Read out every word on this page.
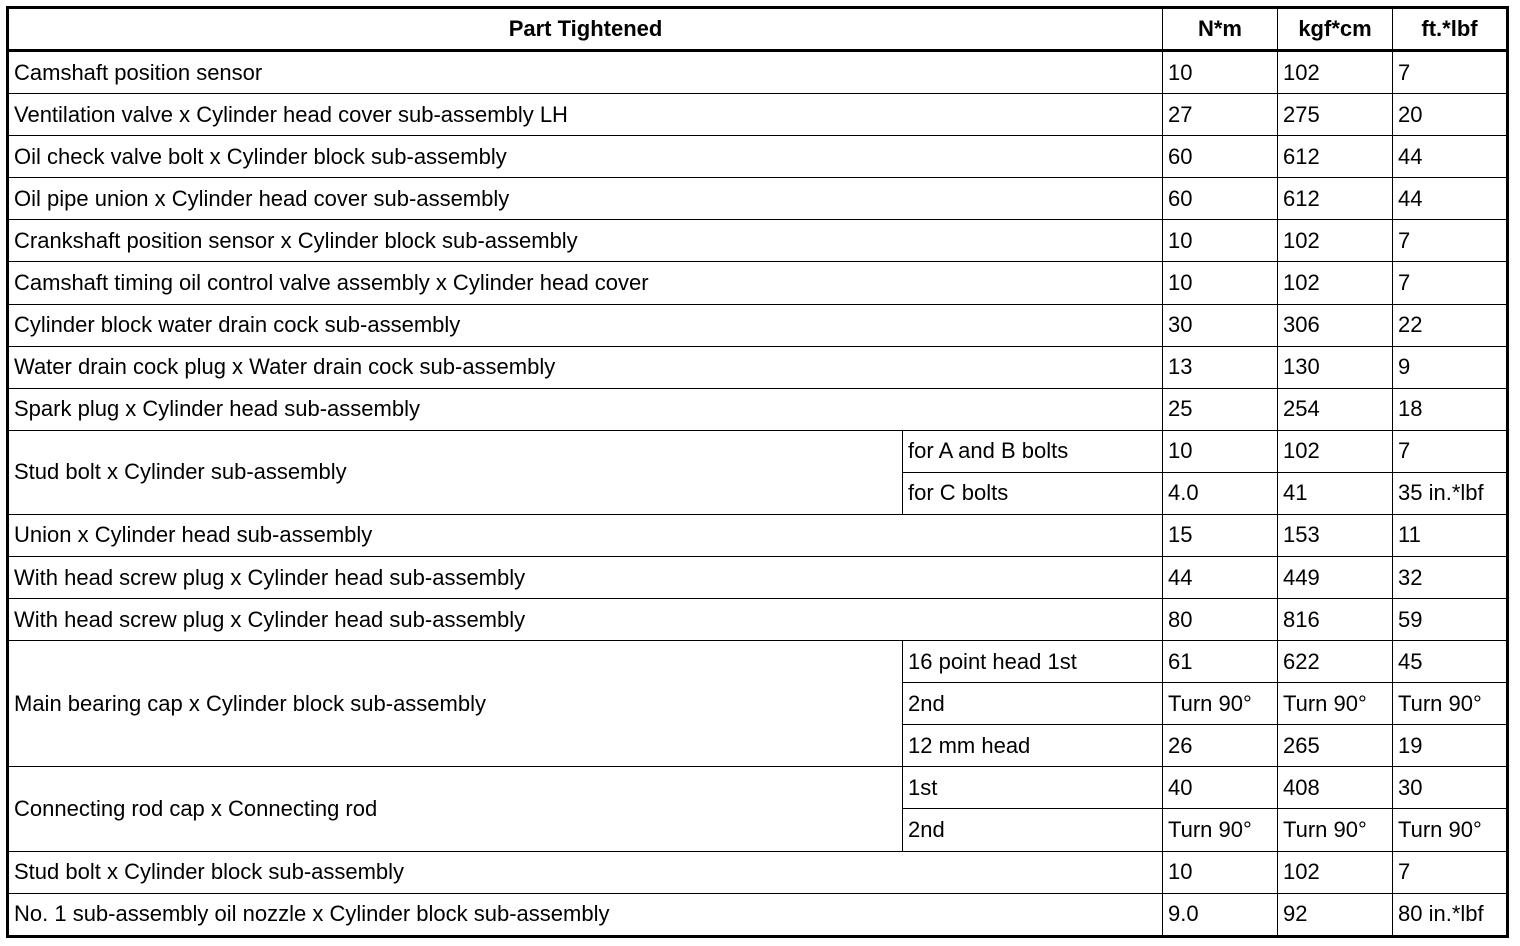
Part Tightened		N*m	kgf*cm	ft.*lbf
Camshaft position sensor		10	102	7
Ventilation valve x Cylinder head cover sub-assembly LH		27	275	20
Oil check valve bolt x Cylinder block sub-assembly		60	612	44
Oil pipe union x Cylinder head cover sub-assembly		60	612	44
Crankshaft position sensor x Cylinder block sub-assembly		10	102	7
Camshaft timing oil control valve assembly x Cylinder head cover		10	102	7
Cylinder block water drain cock sub-assembly		30	306	22
Water drain cock plug x Water drain cock sub-assembly		13	130	9
Spark plug x Cylinder head sub-assembly		25	254	18
Stud bolt x Cylinder sub-assembly	for A and B bolts	10	102	7
	for C bolts	4.0	41	35 in.*lbf
Union x Cylinder head sub-assembly		15	153	11
With head screw plug x Cylinder head sub-assembly		44	449	32
With head screw plug x Cylinder head sub-assembly		80	816	59
Main bearing cap x Cylinder block sub-assembly	16 point head 1st	61	622	45
	2nd	Turn 90°	Turn 90°	Turn 90°
	12 mm head	26	265	19
Connecting rod cap x Connecting rod	1st	40	408	30
	2nd	Turn 90°	Turn 90°	Turn 90°
Stud bolt x Cylinder block sub-assembly		10	102	7
No. 1 sub-assembly oil nozzle x Cylinder block sub-assembly		9.0	92	80 in.*lbf
